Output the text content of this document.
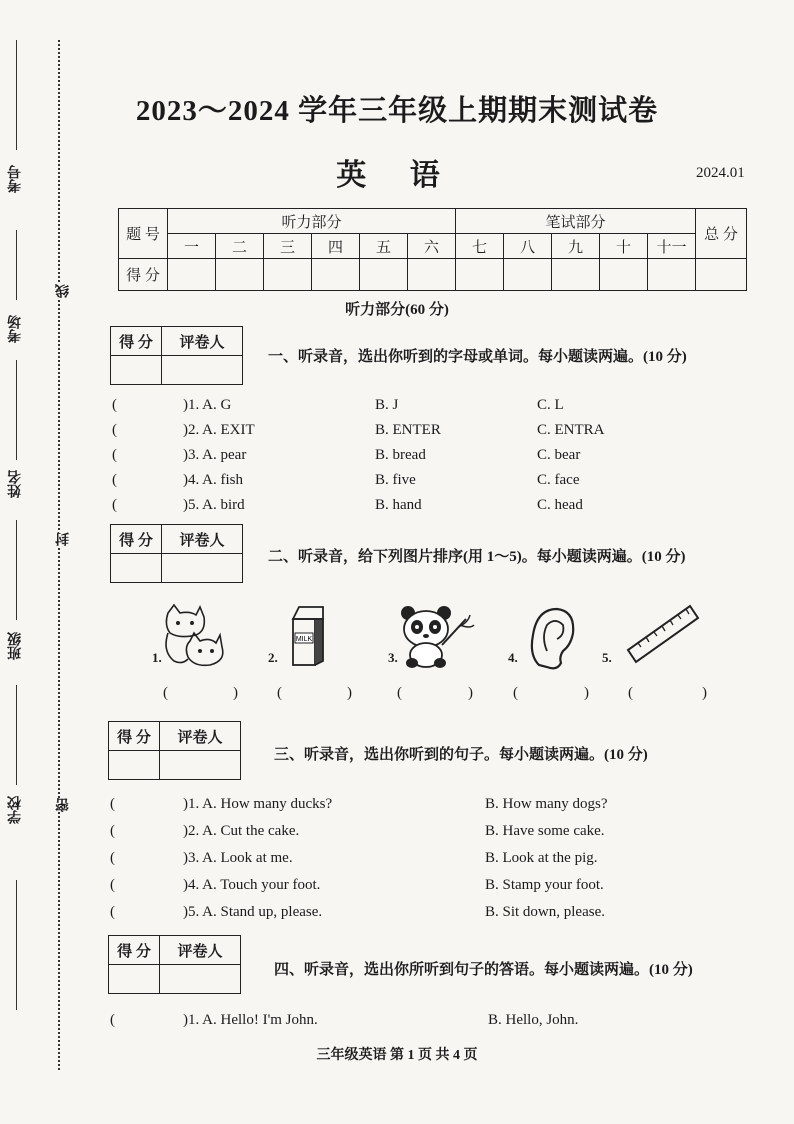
考号
考场
姓名
班级
学校
线
封
密
2023～2024 学年三年级上期期末测试卷
英 语	2024.01
题 号	听力部分						笔试部分					总 分
	一	二	三	四	五	六	七	八	九	十	十一	
得 分												
听力部分(60 分)
得 分	评卷人

一、听录音，选出你听到的字母或单词。每小题读两遍。(10 分)
(	)1. A. G	B. J	C. L
(	)2. A. EXIT	B. ENTER	C. ENTRA
(	)3. A. pear	B. bread	C. bear
(	)4. A. fish	B. five	C. face
(	)5. A. bird	B. hand	C. head
得 分	评卷人

二、听录音，给下列图片排序(用 1～5)。每小题读两遍。(10 分)
1.	2.
MILK
3.	4.	5.
(	)	(	)	(	)	(	)	(	)
得 分	评卷人

三、听录音，选出你听到的句子。每小题读两遍。(10 分)
(	)1. A. How many ducks?	B. How many dogs?
(	)2. A. Cut the cake.	B. Have some cake.
(	)3. A. Look at me.	B. Look at the pig.
(	)4. A. Touch your foot.	B. Stamp your foot.
(	)5. A. Stand up, please.	B. Sit down, please.
得 分	评卷人

四、听录音，选出你所听到句子的答语。每小题读两遍。(10 分)
(	)1. A. Hello! I'm John.	B. Hello, John.
三年级英语 第 1 页 共 4 页
